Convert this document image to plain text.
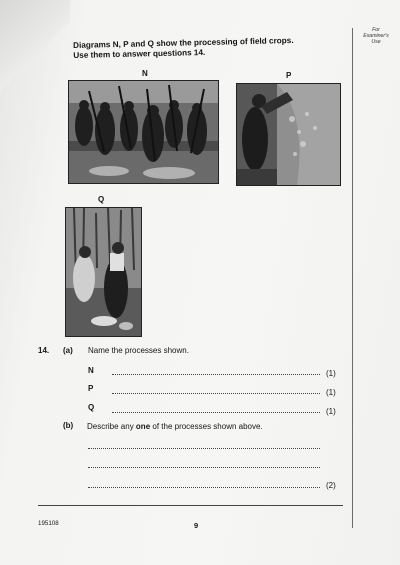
For
Examiner's
Use
Diagrams N, P and Q show the processing of field crops.
Use them to answer questions 14.
N	P
Q
14. (a) Name the processes shown.
N	(1)
P	(1)
Q	(1)
(b) Describe any one of the processes shown above.
(2)
195108	9
